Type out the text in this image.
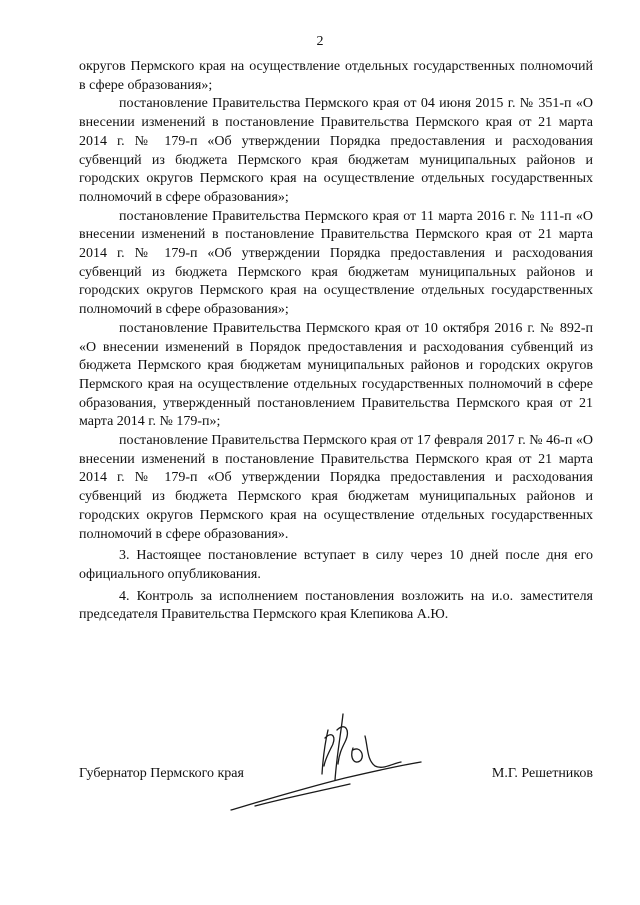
2

округов Пермского края на осуществление отдельных государственных полномочий в сфере образования»;

постановление Правительства Пермского края от 04 июня 2015 г. № 351-п «О внесении изменений в постановление Правительства Пермского края от 21 марта 2014 г. № 179-п «Об утверждении Порядка предоставления и расходования субвенций из бюджета Пермского края бюджетам муниципальных районов и городских округов Пермского края на осуществление отдельных государственных полномочий в сфере образования»;

постановление Правительства Пермского края от 11 марта 2016 г. № 111-п «О внесении изменений в постановление Правительства Пермского края от 21 марта 2014 г. № 179-п «Об утверждении Порядка предоставления и расходования субвенций из бюджета Пермского края бюджетам муниципальных районов и городских округов Пермского края на осуществление отдельных государственных полномочий в сфере образования»;

постановление Правительства Пермского края от 10 октября 2016 г. № 892-п «О внесении изменений в Порядок предоставления и расходования субвенций из бюджета Пермского края бюджетам муниципальных районов и городских округов Пермского края на осуществление отдельных государственных полномочий в сфере образования, утвержденный постановлением Правительства Пермского края от 21 марта 2014 г. № 179-п»;

постановление Правительства Пермского края от 17 февраля 2017 г. № 46-п «О внесении изменений в постановление Правительства Пермского края от 21 марта 2014 г. № 179-п «Об утверждении Порядка предоставления и расходования субвенций из бюджета Пермского края бюджетам муниципальных районов и городских округов Пермского края на осуществление отдельных государственных полномочий в сфере образования».

3. Настоящее постановление вступает в силу через 10 дней после дня его официального опубликования.

4. Контроль за исполнением постановления возложить на и.о. заместителя председателя Правительства Пермского края Клепикова А.Ю.

Губернатор Пермского края	М.Г. Решетников
